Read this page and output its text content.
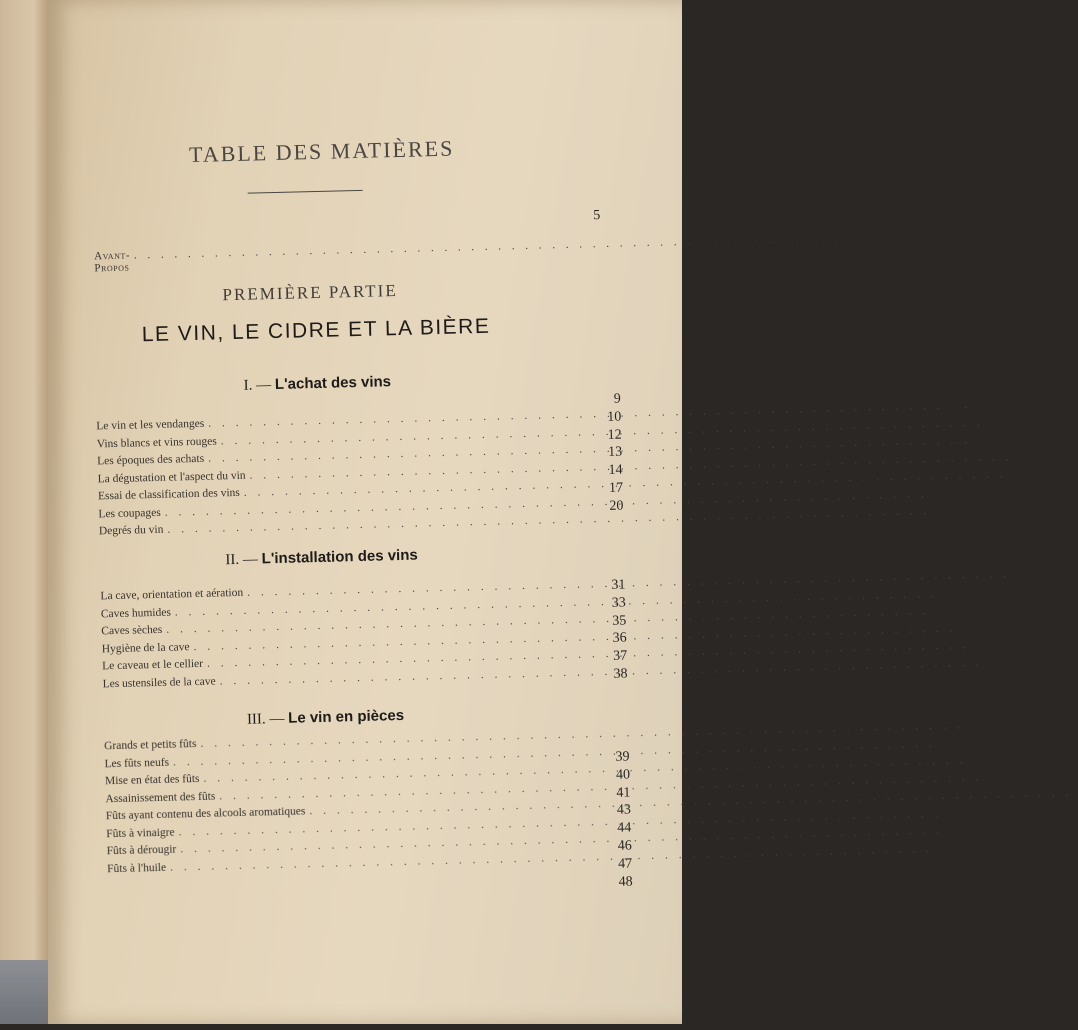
TABLE DES MATIÈRES
Avant-Propos
. . . . . . . . . . . . . . . . . . . . . . . . . . . . . . . . . . . . . . . . . . . . . . . . . . . . . .
5
PREMIÈRE PARTIE
LE VIN, LE CIDRE ET LA BIÈRE
I. — L'achat des vins
Le vin et les vendanges
. . .
Vins blancs et vins rouges
. . .
Les époques des achats
. . .
La dégustation et l'aspect du vin
. . .
Essai de classification des vins
. . .
Les coupages
. . .
Degrés du vin
. . .
9
10
12
13
14
17
20
II. — L'installation des vins
La cave, orientation et aération
. . .
Caves humides
. . .
Caves sèches
. . .
Hygiène de la cave
. . .
Le caveau et le cellier
. . .
Les ustensiles de la cave
. . .
31
33
35
36
37
38
III. — Le vin en pièces
Grands et petits fûts
. . .
Les fûts neufs
. . .
Mise en état des fûts
. . .
Assainissement des fûts
. . .
Fûts ayant contenu des alcools aromatiques
. . .
Fûts à vinaigre
. . .
Fûts à dérougir
. . .
Fûts à l'huile
. . .
39
40
41
43
44
46
47
48
